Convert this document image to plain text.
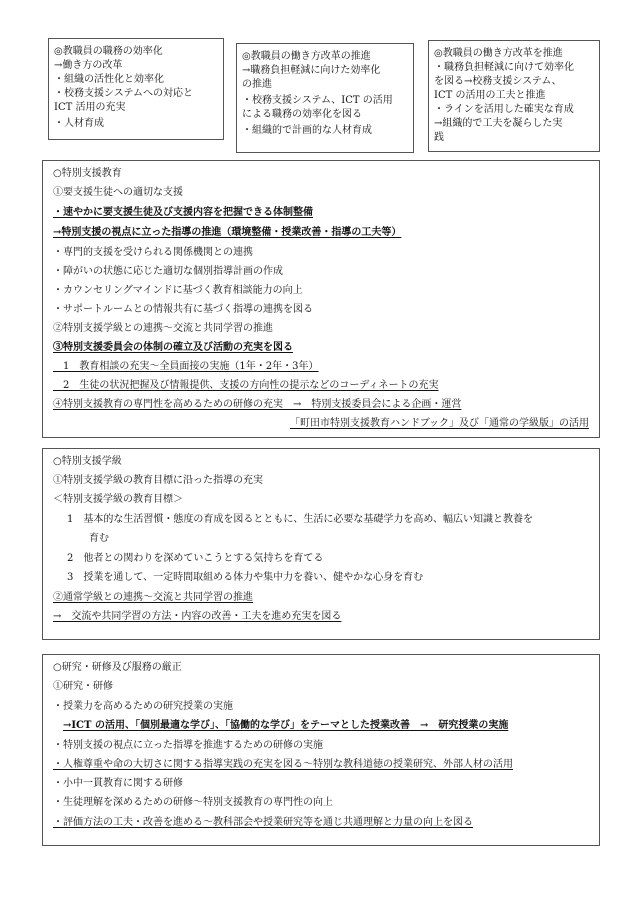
◎教職員の職務の効率化
→働き方の改革
・組織の活性化と効率化
・校務支援システムへの対応と
ICT 活用の充実
・人材育成
◎教職員の働き方改革の推進
→職務負担軽減に向けた効率化
の推進
・校務支援システム、ICT の活用
による職務の効率化を図る
・組織的で計画的な人材育成
◎教職員の働き方改革を推進
・職務負担軽減に向けて効率化
を図る→校務支援システム、
ICT の活用の工夫と推進
・ラインを活用した確実な育成
→組織的で工夫を凝らした実
践
○特別支援教育
①要支援生徒への適切な支援
・速やかに要支援生徒及び支援内容を把握できる体制整備
→特別支援の視点に立った指導の推進（環境整備・授業改善・指導の工夫等）
・専門的支援を受けられる関係機関との連携
・障がいの状態に応じた適切な個別指導計画の作成
・カウンセリングマインドに基づく教育相談能力の向上
・サポートルームとの情報共有に基づく指導の連携を図る
②特別支援学級との連携～交流と共同学習の推進
③特別支援委員会の体制の確立及び活動の充実を図る
　1　教育相談の充実～全員面接の実施（1年・2年・3年）
　2　生徒の状況把握及び情報提供、支援の方向性の提示などのコーディネートの充実
④特別支援教育の専門性を高めるための研修の充実　→　特別支援委員会による企画・運営
「町田市特別支援教育ハンドブック」及び「通常の学級版」の活用
○特別支援学級
①特別支援学級の教育目標に沿った指導の充実
＜特別支援学級の教育目標＞
1　基本的な生活習慣・態度の育成を図るとともに、生活に必要な基礎学力を高め、幅広い知識と教養を
育む
2　他者との関わりを深めていこうとする気持ちを育てる
3　授業を通して、一定時間取組める体力や集中力を養い、健やかな心身を育む
②通常学級との連携～交流と共同学習の推進
→　交流や共同学習の方法・内容の改善・工夫を進め充実を図る
○研究・研修及び服務の厳正
①研究・研修
・授業力を高めるための研究授業の実施
→ICT の活用、「個別最適な学び」、「協働的な学び」をテーマとした授業改善　→　研究授業の実施
・特別支援の視点に立った指導を推進するための研修の実施
・人権尊重や命の大切さに関する指導実践の充実を図る～特別な教科道徳の授業研究、外部人材の活用
・小中一貫教育に関する研修
・生徒理解を深めるための研修～特別支援教育の専門性の向上
・評価方法の工夫・改善を進める～教科部会や授業研究等を通じ共通理解と力量の向上を図る
